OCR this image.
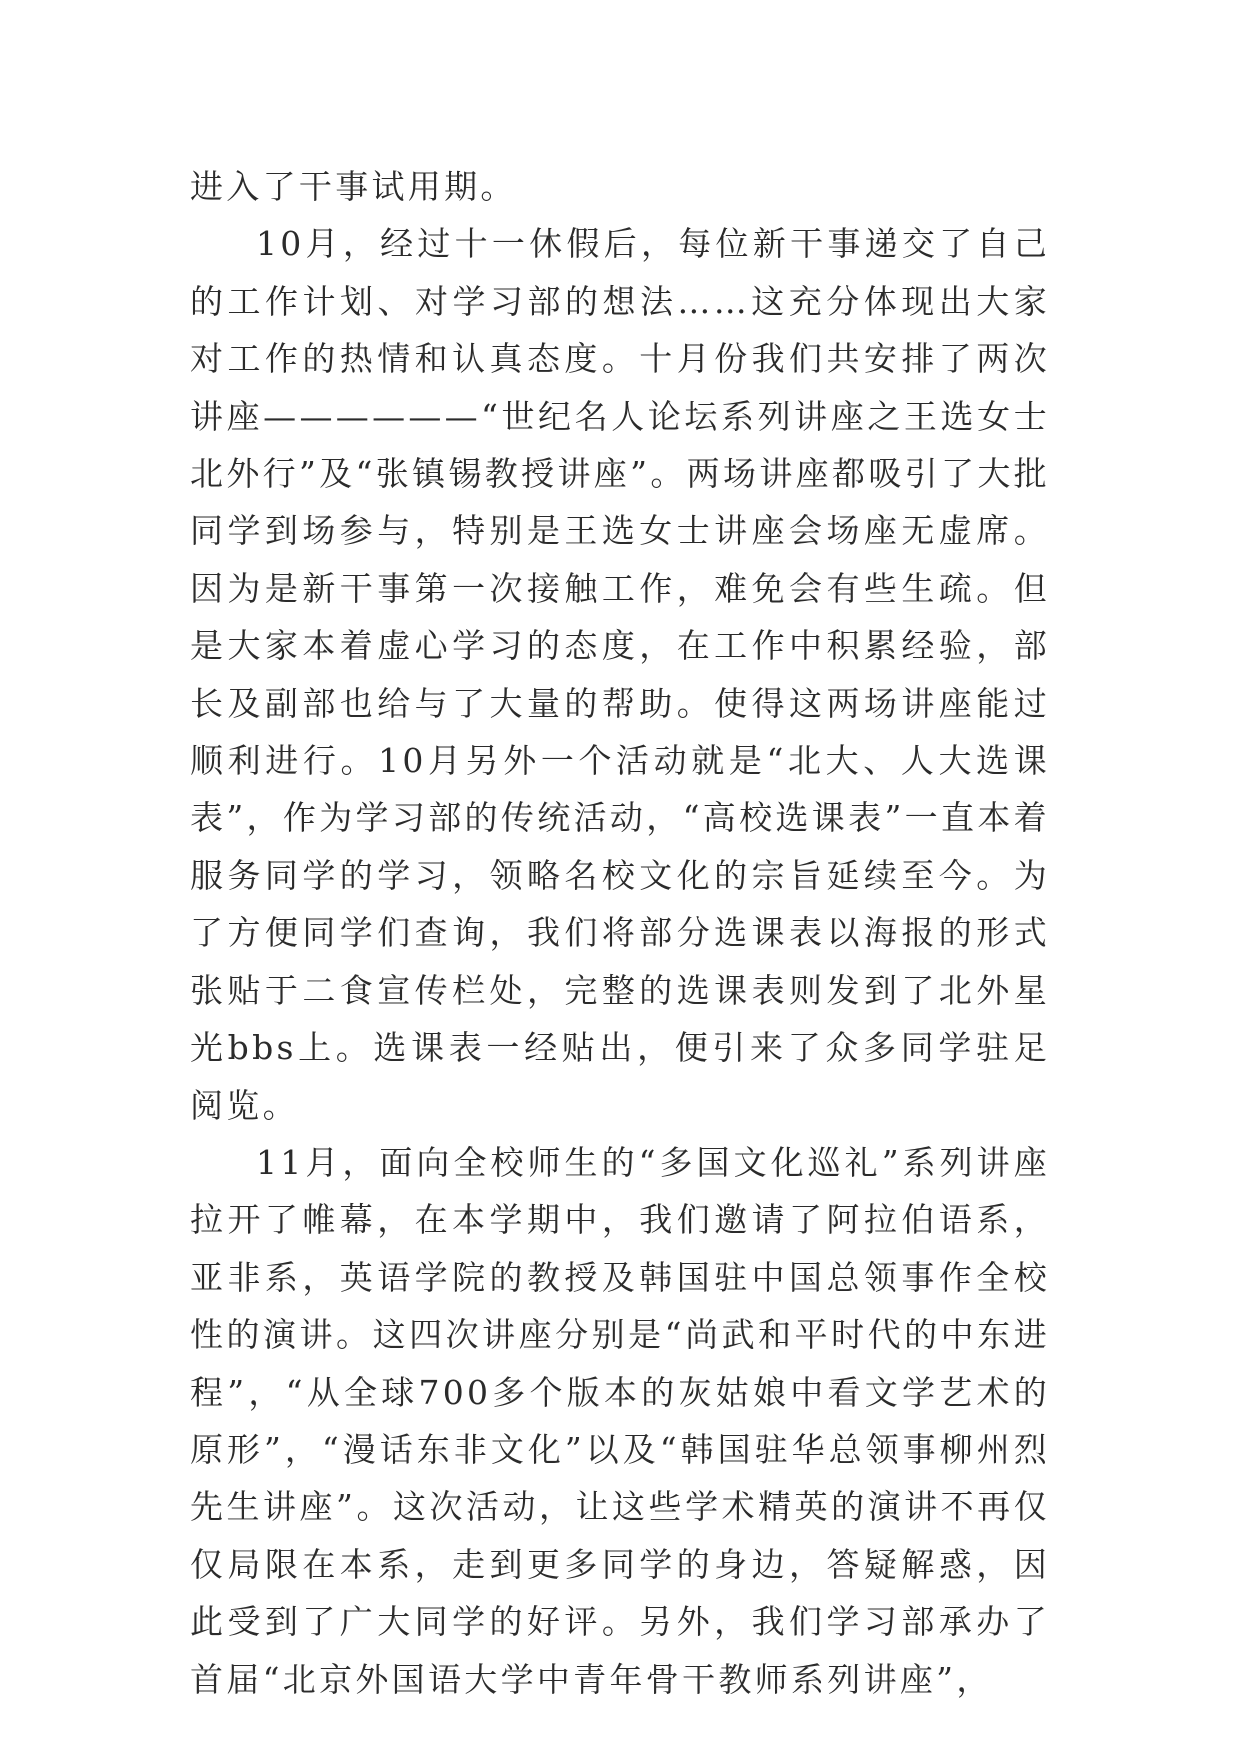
进入了干事试用期。

10月，经过十一休假后，每位新干事递交了自己的工作计划、对学习部的想法……这充分体现出大家对工作的热情和认真态度。十月份我们共安排了两次讲座——————“世纪名人论坛系列讲座之王选女士北外行”及“张镇锡教授讲座”。两场讲座都吸引了大批同学到场参与，特别是王选女士讲座会场座无虚席。因为是新干事第一次接触工作，难免会有些生疏。但是大家本着虚心学习的态度，在工作中积累经验，部长及副部也给与了大量的帮助。使得这两场讲座能过顺利进行。10月另外一个活动就是“北大、人大选课表”，作为学习部的传统活动，“高校选课表”一直本着服务同学的学习，领略名校文化的宗旨延续至今。为了方便同学们查询，我们将部分选课表以海报的形式张贴于二食宣传栏处，完整的选课表则发到了北外星光bbs上。选课表一经贴出，便引来了众多同学驻足阅览。

11月，面向全校师生的“多国文化巡礼”系列讲座拉开了帷幕，在本学期中，我们邀请了阿拉伯语系，亚非系，英语学院的教授及韩国驻中国总领事作全校性的演讲。这四次讲座分别是“尚武和平时代的中东进程”，“从全球700多个版本的灰姑娘中看文学艺术的原形”，“漫话东非文化”以及“韩国驻华总领事柳州烈先生讲座”。这次活动，让这些学术精英的演讲不再仅仅局限在本系，走到更多同学的身边，答疑解惑，因此受到了广大同学的好评。另外，我们学习部承办了首届“北京外国语大学中青年骨干教师系列讲座”，
